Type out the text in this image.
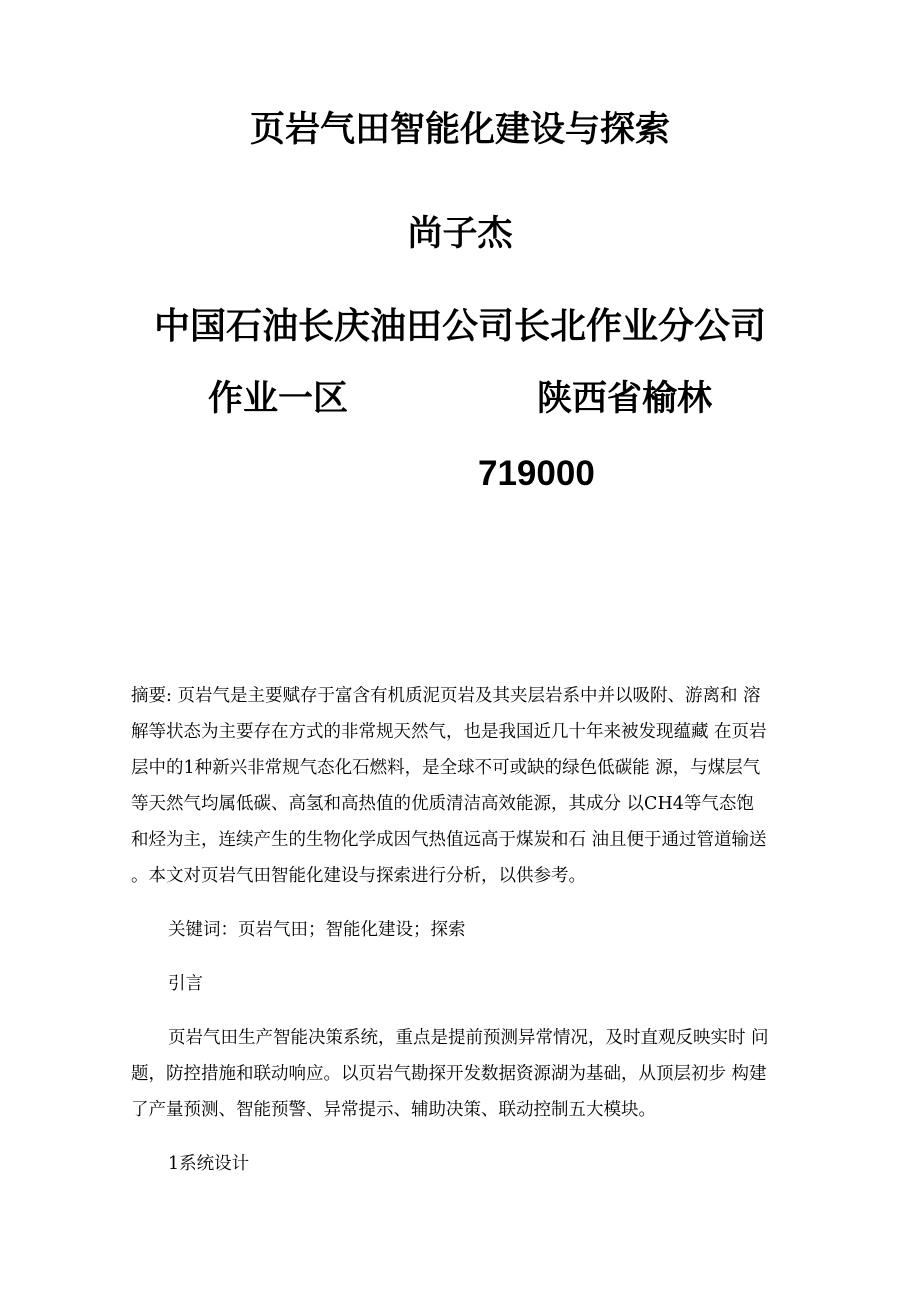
页岩气田智能化建设与探索
尚子杰
中国石油长庆油田公司长北作业分公司
作业一区	陕西省榆林
719000
摘要: 页岩气是主要赋存于富含有机质泥页岩及其夹层岩系中并以吸附、游离和 溶
解等状态为主要存在方式的非常规天然气，也是我国近几十年来被发现蕴藏 在页岩
层中的1种新兴非常规气态化石燃料，是全球不可或缺的绿色低碳能 源，与煤层气
等天然气均属低碳、高氢和高热值的优质清洁高效能源，其成分 以CH4等气态饱
和烃为主，连续产生的生物化学成因气热值远高于煤炭和石 油且便于通过管道输送
。本文对页岩气田智能化建设与探索进行分析，以供参考。
关键词：页岩气田；智能化建设；探索
引言
页岩气田生产智能决策系统，重点是提前预测异常情况，及时直观反映实时 问
题，防控措施和联动响应。以页岩气勘探开发数据资源湖为基础，从顶层初步 构建
了产量预测、智能预警、异常提示、辅助决策、联动控制五大模块。
1系统设计
